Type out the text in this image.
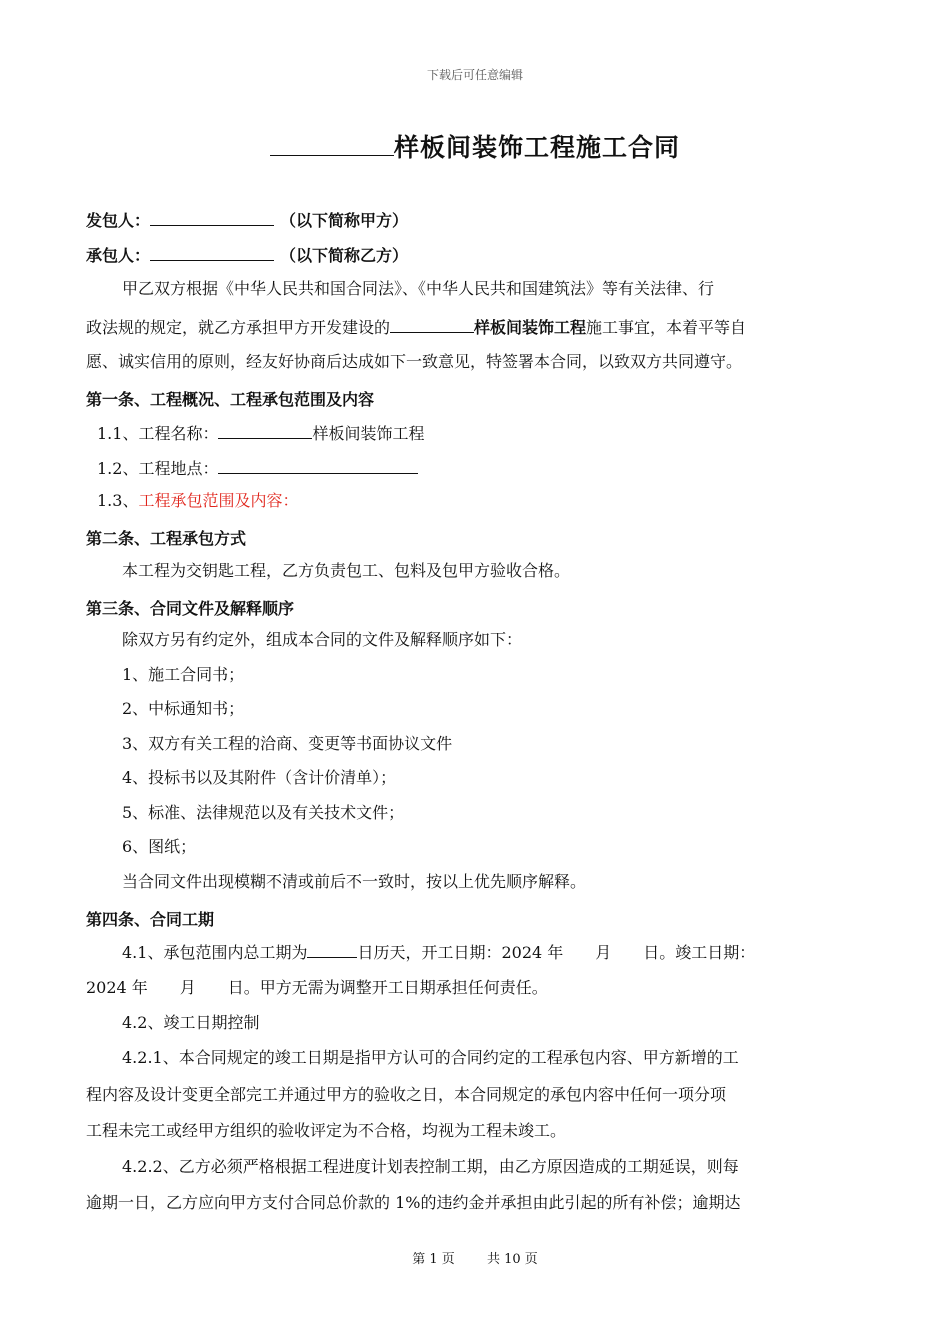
下载后可任意编辑
样板间装饰工程施工合同
发包人：	（以下简称甲方）
承包人：	（以下简称乙方）
甲乙双方根据《中华人民共和国合同法》、《中华人民共和国建筑法》等有关法律、行
政法规的规定，就乙方承担甲方开发建设的	样板间装饰工程施工事宜，本着平等自
愿、诚实信用的原则，经友好协商后达成如下一致意见，特签署本合同，以致双方共同遵守。
第一条、工程概况、工程承包范围及内容
1.1、工程名称：	样板间装饰工程
1.2、工程地点：
1.3、工程承包范围及内容：
第二条、工程承包方式
本工程为交钥匙工程，乙方负责包工、包料及包甲方验收合格。
第三条、合同文件及解释顺序
除双方另有约定外，组成本合同的文件及解释顺序如下：
1、施工合同书；
2、中标通知书；
3、双方有关工程的洽商、变更等书面协议文件
4、投标书以及其附件（含计价清单）；
5、标准、法律规范以及有关技术文件；
6、图纸；
当合同文件出现模糊不清或前后不一致时，按以上优先顺序解释。
第四条、合同工期
4.1、承包范围内总工期为	日历天，开工日期：2024 年　　月　　日。竣工日期：
2024 年　　月　　日。甲方无需为调整开工日期承担任何责任。
4.2、竣工日期控制
4.2.1、本合同规定的竣工日期是指甲方认可的合同约定的工程承包内容、甲方新增的工
程内容及设计变更全部完工并通过甲方的验收之日，本合同规定的承包内容中任何一项分项
工程未完工或经甲方组织的验收评定为不合格，均视为工程未竣工。
4.2.2、乙方必须严格根据工程进度计划表控制工期，由乙方原因造成的工期延误，则每
逾期一日，乙方应向甲方支付合同总价款的 1%的违约金并承担由此引起的所有补偿；逾期达
第 1 页 共 10 页
